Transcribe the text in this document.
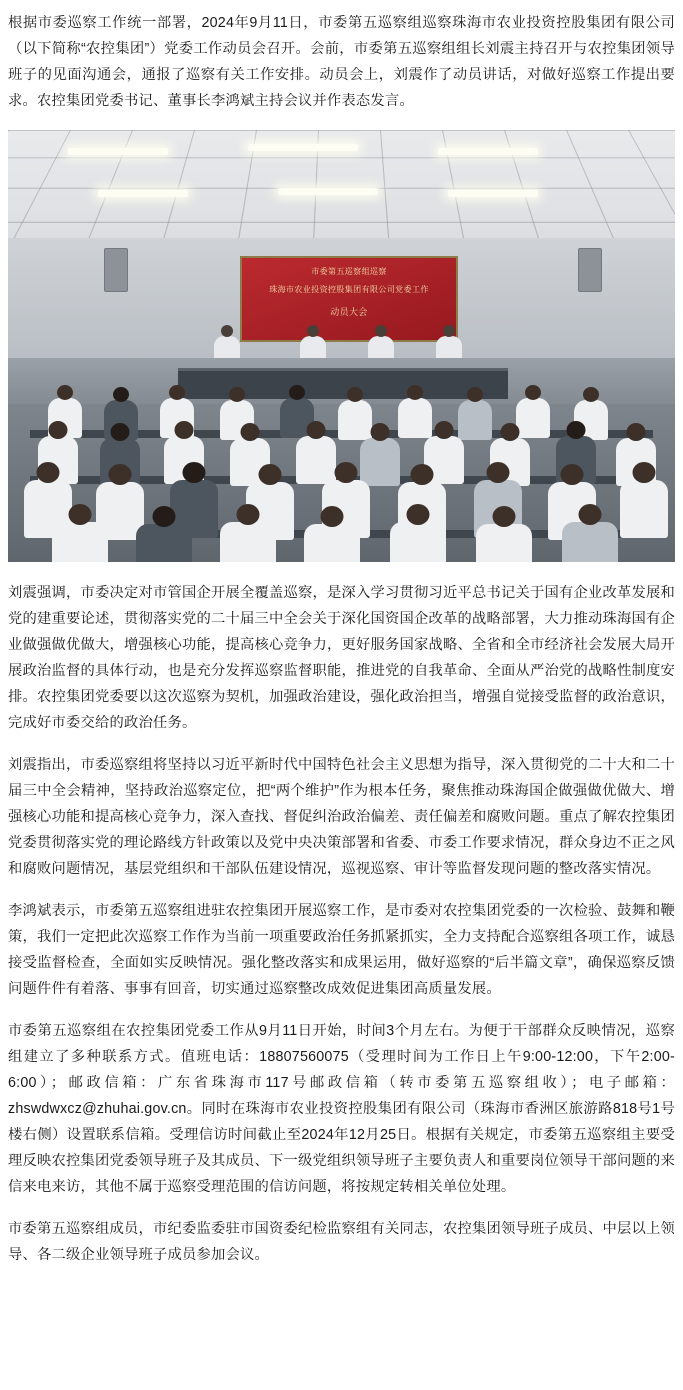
根据市委巡察工作统一部署，2024年9月11日，市委第五巡察组巡察珠海市农业投资控股集团有限公司（以下简称“农控集团”）党委工作动员会召开。会前，市委第五巡察组组长刘震主持召开与农控集团领导班子的见面沟通会，通报了巡察有关工作安排。动员会上，刘震作了动员讲话，对做好巡察工作提出要求。农控集团党委书记、董事长李鸿斌主持会议并作表态发言。

市委第五巡察组巡察
珠海市农业投资控股集团有限公司党委工作
动员大会

刘震强调，市委决定对市管国企开展全覆盖巡察，是深入学习贯彻习近平总书记关于国有企业改革发展和党的建重要论述，贯彻落实党的二十届三中全会关于深化国资国企改革的战略部署，大力推动珠海国有企业做强做优做大，增强核心功能，提高核心竞争力，更好服务国家战略、全省和全市经济社会发展大局开展政治监督的具体行动，也是充分发挥巡察监督职能，推进党的自我革命、全面从严治党的战略性制度安排。农控集团党委要以这次巡察为契机，加强政治建设，强化政治担当，增强自觉接受监督的政治意识，完成好市委交给的政治任务。

刘震指出，市委巡察组将坚持以习近平新时代中国特色社会主义思想为指导，深入贯彻党的二十大和二十届三中全会精神，坚持政治巡察定位，把“两个维护”作为根本任务，聚焦推动珠海国企做强做优做大、增强核心功能和提高核心竞争力，深入查找、督促纠治政治偏差、责任偏差和腐败问题。重点了解农控集团党委贯彻落实党的理论路线方针政策以及党中央决策部署和省委、市委工作要求情况，群众身边不正之风和腐败问题情况，基层党组织和干部队伍建设情况，巡视巡察、审计等监督发现问题的整改落实情况。

李鸿斌表示，市委第五巡察组进驻农控集团开展巡察工作，是市委对农控集团党委的一次检验、鼓舞和鞭策，我们一定把此次巡察工作作为当前一项重要政治任务抓紧抓实，全力支持配合巡察组各项工作，诚恳接受监督检查，全面如实反映情况。强化整改落实和成果运用，做好巡察的“后半篇文章”，确保巡察反馈问题件件有着落、事事有回音，切实通过巡察整改成效促进集团高质量发展。

市委第五巡察组在农控集团党委工作从9月11日开始，时间3个月左右。为便于干部群众反映情况，巡察组建立了多种联系方式。值班电话：18807560075（受理时间为工作日上午9:00-12:00，下午2:00-6:00）；邮政信箱：广东省珠海市117号邮政信箱（转市委第五巡察组收）；电子邮箱：zhswdwxcz@zhuhai.gov.cn。同时在珠海市农业投资控股集团有限公司（珠海市香洲区旅游路818号1号楼右侧）设置联系信箱。受理信访时间截止至2024年12月25日。根据有关规定，市委第五巡察组主要受理反映农控集团党委领导班子及其成员、下一级党组织领导班子主要负责人和重要岗位领导干部问题的来信来电来访，其他不属于巡察受理范围的信访问题，将按规定转相关单位处理。

市委第五巡察组成员，市纪委监委驻市国资委纪检监察组有关同志，农控集团领导班子成员、中层以上领导、各二级企业领导班子成员参加会议。
